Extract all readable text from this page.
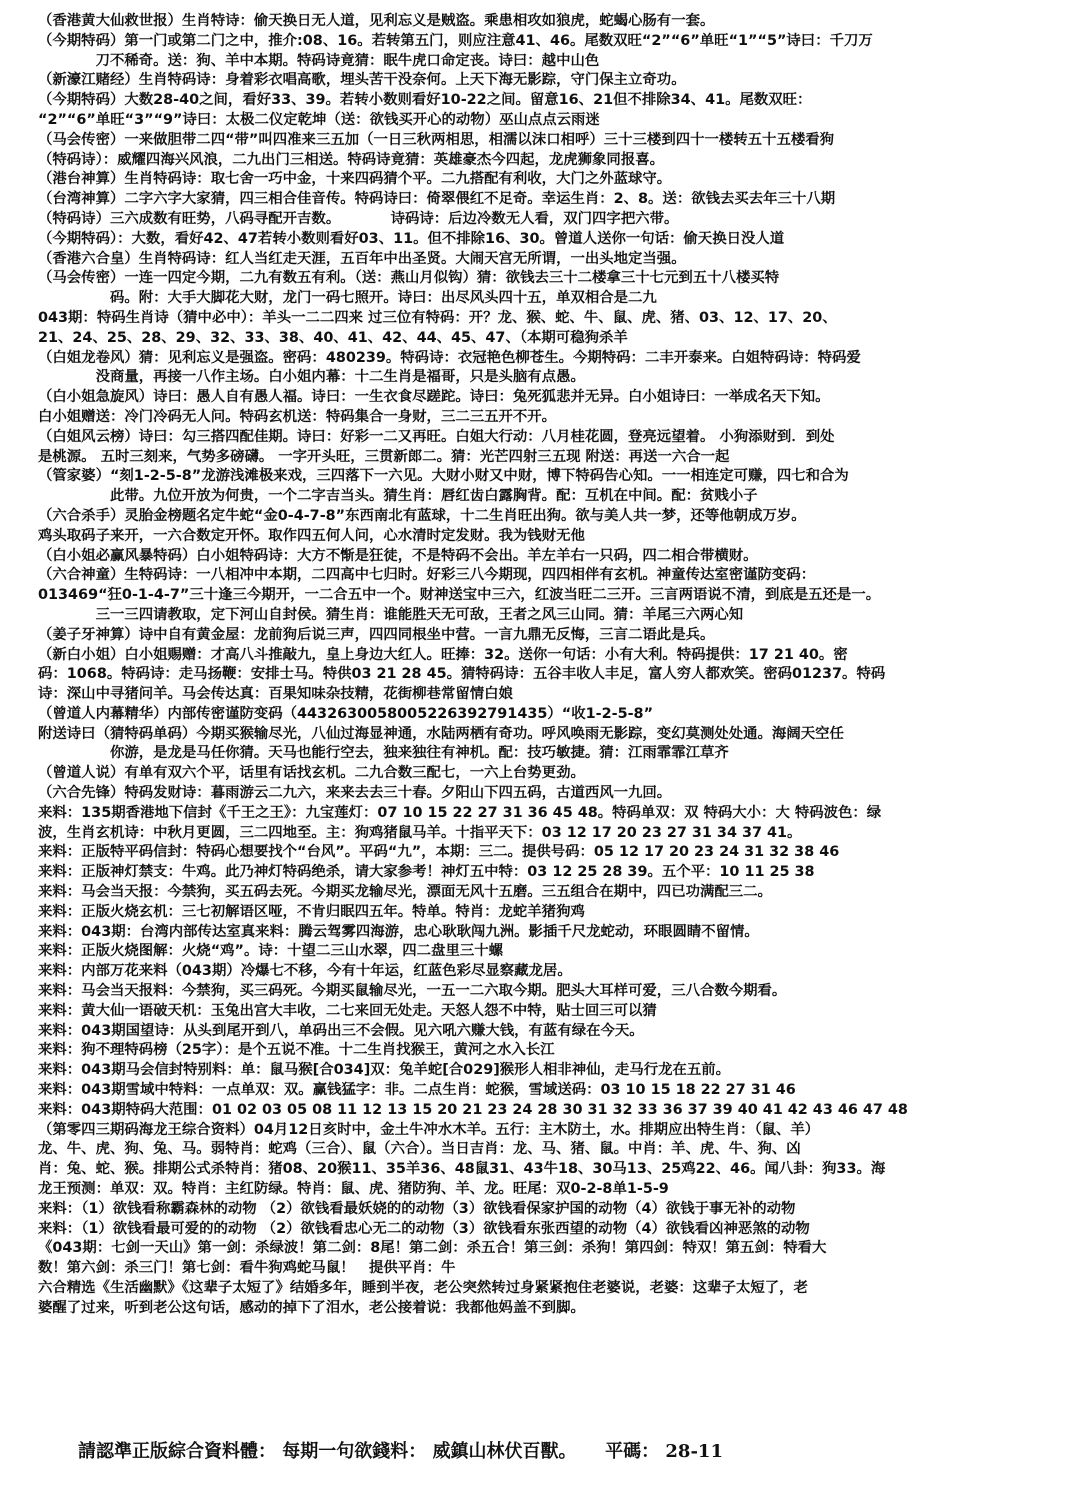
（香港黄大仙救世报）生肖特诗：偷天换日无人道，见利忘义是贼盗。乘患相攻如狼虎，蛇蝎心肠有一套。
（今期特码）第一门或第二门之中，推介:08、16。若转第五门，则应注意41、46。尾数双旺“2”“6”单旺“1”“5”诗曰：千刀万
　　　　刀不稀奇。送：狗、羊中本期。特码诗竟猜：眠牛虎口命定丧。诗曰：越中山色
（新濠江赌经）生肖特码诗：身着彩衣唱高歌，埋头苦干没奈何。上天下海无影踪，守门保主立奇功。
（今期特码）大数28-40之间，看好33、39。若转小数则看好10-22之间。留意16、21但不排除34、41。尾数双旺：
“2”“6”单旺“3”“9”诗曰：太极二仪定乾坤（送：欲钱买开心的动物）巫山点点云雨迷
（马会传密）一来做胆带二四“带”叫四准来三五加（一日三秋两相思，相濡以沫口相呼）三十三楼到四十一楼转五十五楼看狗
（特码诗）：威耀四海兴风浪，二九出门三相送。特码诗竟猜：英雄豪杰今四起，龙虎狮象同报喜。
（港台神算）生肖特码诗：取七舍一巧中金，十来四码猜个平。二九搭配有利收，大门之外蓝球守。
（台湾神算）二字六字大家猜，四三相合佳音传。特码诗曰：倚翠偎红不足奇。幸运生肖：2、8。送：欲钱去买去年三十八期
（特码诗）三六成数有旺势，八码寻配开吉数。　　　　诗码诗：后边冷数无人看，双门四字把六带。
（今期特码）：大数，看好42、47若转小数则看好03、11。但不排除16、30。曾道人送你一句话：偷天换日没人道
（香港六合皇）生肖特码诗：红人当红走天涯，五百年中出圣贤。大闹天宫无所谓，一出头地定当强。
（马会传密）一连一四定今期，二九有数五有利。（送：燕山月似钩）猜：欲钱去三十二楼拿三十七元到五十八楼买特
　　　　　码。附：大手大脚花大财，龙门一码七照开。诗曰：出尽风头四十五，单双相合是二九
043期：特码生肖诗（猜中必中）：羊头一二二四来 过三位有特码：开？龙、猴、蛇、牛、鼠、虎、猪、03、12、17、20、
21、24、25、28、29、32、33、38、40、41、42、44、45、47、（本期可稳狗杀羊
（白姐龙卷风）猜：见利忘义是强盗。密码：480239。特码诗：衣冠艳色柳苍生。今期特码：二丰开泰来。白姐特码诗：特码爱
　　　　没商量，再接一八作主场。白小姐内幕：十二生肖是福哥，只是头脑有点愚。
（白小姐急旋风）诗曰：愚人自有愚人福。诗曰：一生衣食尽蹉跎。诗曰：兔死狐悲并无异。白小姐诗曰：一举成名天下知。
白小姐赠送：冷门冷码无人问。特码玄机送：特码集合一身财，三二三五开不开。
（白姐风云榜）诗曰：勾三搭四配佳期。诗曰：好彩一二又再旺。白姐大行动：八月桂花圆，登亮远望着。 小狗添财到．到处
是桃源。 五时三刻来，气势多磅礴。 一字开头旺，三贯新郎二。猜：光芒四射三五现 附送：再送一六合一起
（管家婆）“刻1-2-5-8”龙游浅滩极来戏，三四落下一六见。大财小财又中财，博下特码告心知。一一相连定可赚，四七和合为
　　　　　此带。九位开放为何贵，一个二字吉当头。猜生肖：唇红齿白露胸背。配：互机在中间。配：贫贱小子
（六合杀手）灵胎金榜题名定牛蛇“金0-4-7-8”东西南北有蓝球，十二生肖旺出狗。欲与美人共一梦，还等他朝成万岁。
鸡头取码子来开，一六合数定开怀。取作四五何人问，心水清时定发财。我为钱财无他
（白小姐必赢风暴特码）白小姐特码诗：大方不惭是狂徒，不是特码不会出。羊左羊右一只码，四二相合带横财。
（六合神童）生特码诗：一八相冲中本期，二四高中七归时。好彩三八今期现，四四相伴有玄机。神童传达室密谨防变码：
013469“狂0-1-4-7”三十逢三今期开，一二合五中一个。财神送宝中三六，红波当旺二三开。三言两语说不清，到底是五还是一。
　　　　三一三四请教取，定下河山自封侯。猜生肖：谁能胜天无可敌，王者之风三山同。猜：羊尾三六两心知
（姜子牙神算）诗中自有黄金屋：龙前狗后说三声，四四同根坐中营。一言九鼎无反悔，三言二语此是兵。
（新白小姐）白小姐赐赠：才高八斗推敲九，皇上身边大红人。旺捧：32。送你一句话：小有大利。特码提供：17 21 40。密
码：1068。特码诗：走马扬鞭：安排士马。特供03 21 28 45。猜特码诗：五谷丰收人丰足，富人穷人都欢笑。密码01237。特码
诗：深山中寻猪问羊。马会传达真：百果知味杂技精，花街柳巷常留情白娘
（曾道人内幕精华）内部传密谨防变码（4432630058005226392791435）“收1-2-5-8”
附送诗曰（猜特码单码）今期买猴输尽光，八仙过海显神通，水陆两栖有奇功。呼风唤雨无影踪，变幻莫测处处通。海阔天空任
　　　　　你游，是龙是马任你猜。天马也能行空去，独来独往有神机。配：技巧敏捷。猜：江雨霏霏江草齐
（曾道人说）有单有双六个平，话里有话找玄机。二九合数三配七，一六上台势更劲。
（六合先锋）特码发财诗：暮雨游云二九六，来来去去三十春。夕阳山下四五码，古道西风一九回。
来料：135期香港地下信封《千王之王》：九宝莲灯：07 10 15 22 27 31 36 45 48。特码单双：双 特码大小：大 特码波色：绿
波，生肖玄机诗：中秋月更圆，三二四地至。主：狗鸡猪鼠马羊。十指平天下：03 12 17 20 23 27 31 34 37 41。
来料：正版特平码信封：特码心想要找个“台风”。平码“九”，本期：三二。提供号码：05 12 17 20 23 24 31 32 38 46
来料：正版神灯禁支：牛鸡。此乃神灯特码绝杀，请大家参考！神灯五中特：03 12 25 28 39。五个平：10 11 25 38
来料：马会当天报：今禁狗，买五码去死。今期买龙输尽光，漂面无风十五磨。三五组合在期中，四已功满配三二。
来料：正版火烧玄机：三七初解语区哑，不肯归眠四五年。特单。特肖：龙蛇羊猪狗鸡
来料：043期：台湾内部传达室真来料：腾云驾雾四海游，忠心耿耿闯九洲。影插千尺龙蛇动，环眼圆睛不留情。
来料：正版火烧图解：火烧“鸡”。诗：十望二三山水翠，四二盘里三十螺
来料：内部万花来料（043期）冷爆七不移，今有十年运，红蓝色彩尽显察藏龙居。
来料：马会当天报料：今禁狗，买三码死。今期买鼠输尽光，一五一二六取今期。肥头大耳样可爱，三八合数今期看。
来料：黄大仙一语破天机：玉兔出宫大丰收，二七来回无处走。天怒人怨不中特，贴士回三可以猜
来料：043期国望诗：从头到尾开到八，单码出三不会假。见六吼六赚大钱，有蓝有绿在今天。
来料：狗不理特码榜（25字）：是个五说不准。十二生肖找猴王，黄河之水入长江
来料：043期马会信封特别料：单：鼠马猴[合034]双：兔羊蛇[合029]猴形人相非神仙，走马行龙在五前。
来料：043期雪域中特料：一点单双：双。赢钱猛字：非。二点生肖：蛇猴，雪域送码：03 10 15 18 22 27 31 46
来料：043期特码大范围：01 02 03 05 08 11 12 13 15 20 21 23 24 28 30 31 32 33 36 37 39 40 41 42 43 46 47 48
（第零四三期码海龙王综合资料）04月12日亥时中，金土牛冲水木羊。五行：主木防土，水。排期应出特生肖：（鼠、羊）
龙、牛、虎、狗、兔、马。弱特肖：蛇鸡（三合）、鼠（六合）。当日吉肖：龙、马、猪、鼠。中肖：羊、虎、牛、狗、凶
肖：兔、蛇、猴。排期公式杀特肖：猪08、20猴11、35羊36、48鼠31、43牛18、30马13、25鸡22、46。闻八卦：狗33。海
龙王预测：单双：双。特肖：主红防绿。特肖：鼠、虎、猪防狗、羊、龙。旺尾：双0-2-8单1-5-9
来料：（1）欲钱看称霸森林的动物 （2）欲钱看最妖娆的的动物（3）欲钱看保家护国的动物（4）欲钱于事无补的动物
来料：（1）欲钱看最可爱的的动物 （2）欲钱看忠心无二的动物（3）欲钱看东张西望的动物（4）欲钱看凶神恶煞的动物
《043期：七剑一天山》第一剑：杀绿波！第二剑：8尾！第二剑：杀五合！第三剑：杀狗！第四剑：特双！第五剑：特看大
数！第六剑：杀三门！第七剑：看牛狗鸡蛇马鼠！　提供平肖：牛
六合精选《生活幽默》《这辈子太短了》结婚多年，睡到半夜，老公突然转过身紧紧抱住老婆说，老婆：这辈子太短了，老
婆醒了过来，听到老公这句话，感动的掉下了泪水，老公接着说：我都他妈盖不到脚。
請認準正版綜合資料體： 每期一句欲錢料： 威鎮山林伏百獸。 平碼： 28-11
